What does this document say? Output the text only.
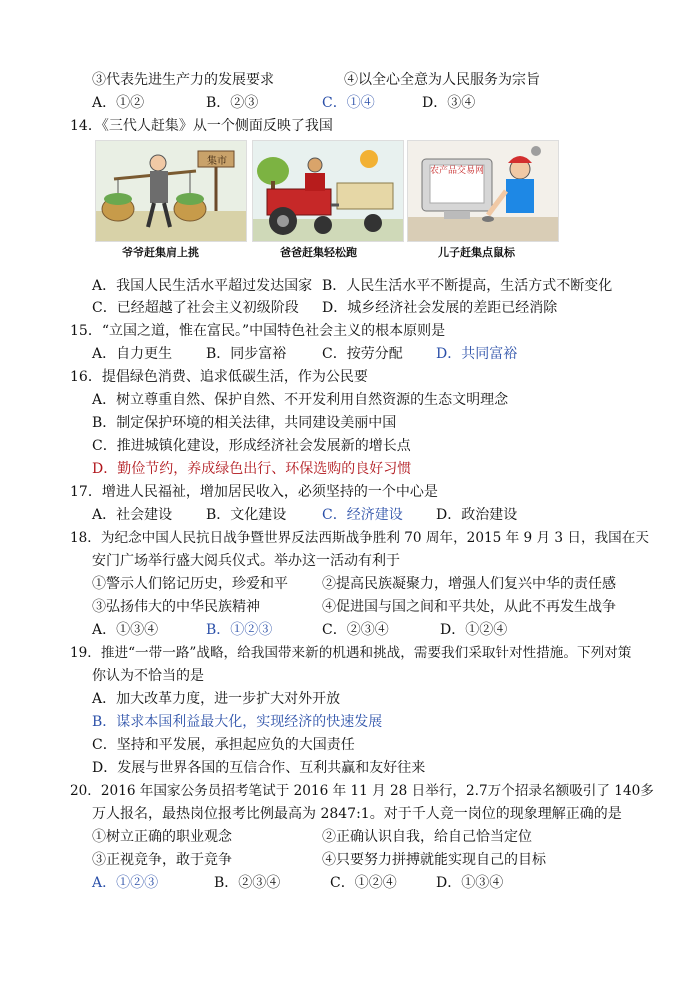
③代表先进生产力的发展要求	④以全心全意为人民服务为宗旨
A．①②	B．②③	C．①④	D．③④
14．《三代人赶集》从一个侧面反映了我国
集市
农产品交易网
爷爷赶集肩上挑	爸爸赶集轻松跑	儿子赶集点鼠标
A．我国人民生活水平超过发达国家 B．人民生活水平不断提高，生活方式不断变化
C．已经超越了社会主义初级阶段 D．城乡经济社会发展的差距已经消除
15．“立国之道，惟在富民。”中国特色社会主义的根本原则是
A．自力更生 B．同步富裕	C．按劳分配 D．共同富裕
16．提倡绿色消费、追求低碳生活，作为公民要
A．树立尊重自然、保护自然、不开发利用自然资源的生态文明理念
B．制定保护环境的相关法律，共同建设美丽中国
C．推进城镇化建设，形成经济社会发展新的增长点
D．勤俭节约，养成绿色出行、环保选购的良好习惯
17．增进人民福祉，增加居民收入，必须坚持的一个中心是
A．社会建设 B．文化建设	C．经济建设 D．政治建设
18．为纪念中国人民抗日战争暨世界反法西斯战争胜利 70 周年，2015 年 9 月 3 日，我国在天
安门广场举行盛大阅兵仪式。举办这一活动有利于
①警示人们铭记历史，珍爱和平 ②提高民族凝聚力，增强人们复兴中华的责任感
③弘扬伟大的中华民族精神	④促进国与国之间和平共处，从此不再发生战争
A．①③④	B．①②③	C．②③④	D．①②④
19．推进“一带一路”战略，给我国带来新的机遇和挑战，需要我们采取针对性措施。下列对策
你认为不恰当的是
A．加大改革力度，进一步扩大对外开放
B．谋求本国利益最大化，实现经济的快速发展
C．坚持和平发展，承担起应负的大国责任
D．发展与世界各国的互信合作、互利共赢和友好往来
20．2016 年国家公务员招考笔试于 2016 年 11 月 28 日举行，2.7万个招录名额吸引了 140多
万人报名，最热岗位报考比例最高为 2847:1。对于千人竞一岗位的现象理解正确的是
①树立正确的职业观念	②正确认识自我，给自己恰当定位
③正视竞争，敢于竞争	④只要努力拼搏就能实现自己的目标
A．①②③	B．②③④	C．①②④	D．①③④
